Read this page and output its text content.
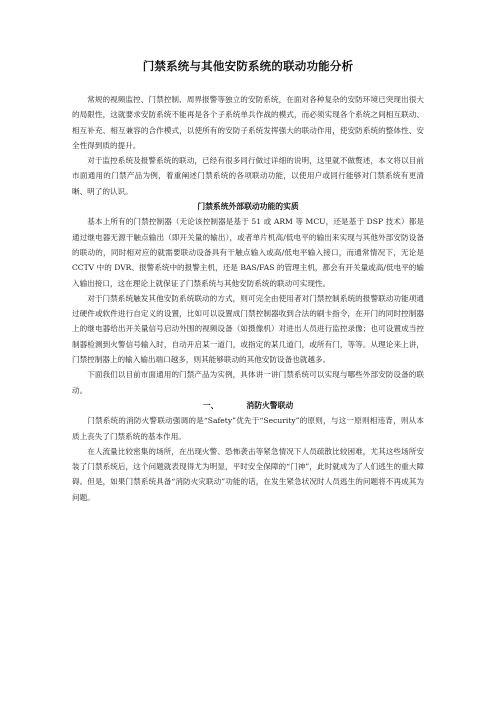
门禁系统与其他安防系统的联动功能分析

常规的视频监控、门禁控制、周界报警等独立的安防系统，在面对各种复杂的安防环境已突现出很大的局限性，这就要求安防系统不能再是各个子系统单兵作战的模式，而必须实现各个系统之间相互联动、相互补充、相互兼容的合作模式，以使所有的安防子系统发挥强大的联动作用，使安防系统的整体性、安全性得到质的提升。

对于监控系统及报警系统的联动，已经有很多同行做过详细的说明，这里就不做赘述，本文将以目前市面通用的门禁产品为例，着重阐述门禁系统的各项联动功能，以使用户或同行能够对门禁系统有更清晰、明了的认识。

门禁系统外部联动功能的实质

基本上所有的门禁控制器（无论该控制器是基于 51 或 ARM 等 MCU，还是基于 DSP 技术）都是通过继电器无源干触点输出（即开关量的输出），或者单片机高/低电平的输出来实现与其他外部安防设备的联动的，同时相对应的就需要联动设备具有干触点输入或高/低电平输入接口，而通常情况下，无论是 CCTV 中的 DVR、报警系统中的报警主机，还是 BAS/FAS 的管理主机，都会有开关量或高/低电平的输入输出接口，这在理论上就保证了门禁系统与其他安防系统的联动可实现性。

对于门禁系统触发其他安防系统联动的方式，则可完全由使用者对门禁控制系统的报警联动功能项通过硬件或软件进行自定义的设置，比如可以设置成门禁控制器收到合法的刷卡指令，在开门的同时控制器上的继电器给出开关量信号启动外围的视频设备（如摄像机）对进出人员进行监控录像；也可设置成当控制器检测到火警信号输入时，自动开启某一道门，或指定的某几道门，或所有门，等等。从理论来上讲，门禁控制器上的输入输出端口越多，则其能够联动的其他安防设备也就越多。

下面我们以目前市面通用的门禁产品为实例，具体讲一讲门禁系统可以实现与哪些外部安防设备的联动。

一、	消防火警联动

门禁系统的消防火警联动强调的是“Safety”优先于“Security”的原则，与这一原则相违背，则从本质上丧失了门禁系统的基本作用。

在人流量比较密集的场所，在出现火警、恐怖袭击等紧急情况下人员疏散比较困难，尤其这些场所安装了门禁系统后，这个问题就表现得尤为明显，平时安全保障的“门神”，此时就成为了人们逃生的重大障碍。但是，如果门禁系统具备“消防火灾联动”功能的话，在发生紧急状况时人员逃生的问题将不再成其为问题。
